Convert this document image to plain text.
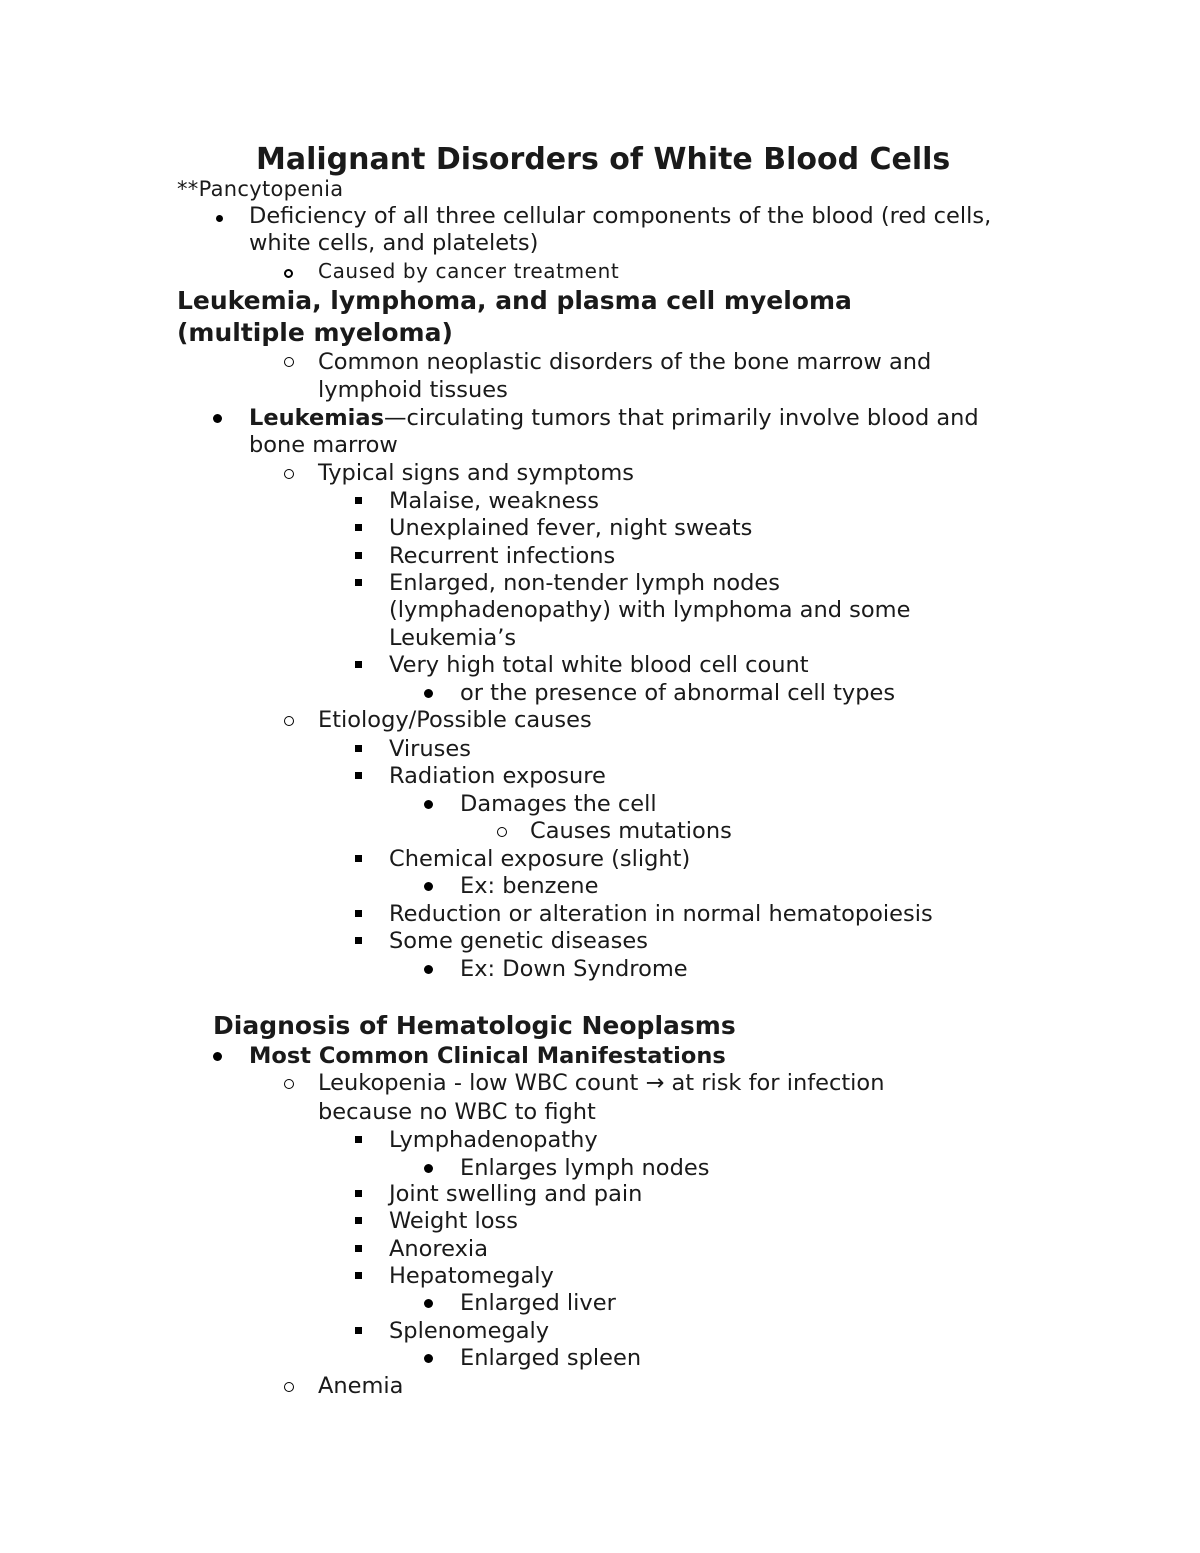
Malignant Disorders of White Blood Cells
**Pancytopenia
Deficiency of all three cellular components of the blood (red cells,
white cells, and platelets)
Caused by cancer treatment
Leukemia, lymphoma, and plasma cell myeloma
(multiple myeloma)
Common neoplastic disorders of the bone marrow and
lymphoid tissues
Leukemias—circulating tumors that primarily involve blood and
bone marrow
Typical signs and symptoms
Malaise, weakness
Unexplained fever, night sweats
Recurrent infections
Enlarged, non-tender lymph nodes
(lymphadenopathy) with lymphoma and some
Leukemia’s
Very high total white blood cell count
or the presence of abnormal cell types
Etiology/Possible causes
Viruses
Radiation exposure
Damages the cell
Causes mutations
Chemical exposure (slight)
Ex: benzene
Reduction or alteration in normal hematopoiesis
Some genetic diseases
Ex: Down Syndrome
Diagnosis of Hematologic Neoplasms
Most Common Clinical Manifestations
Leukopenia - low WBC count → at risk for infection
because no WBC to fight
Lymphadenopathy
Enlarges lymph nodes
Joint swelling and pain
Weight loss
Anorexia
Hepatomegaly
Enlarged liver
Splenomegaly
Enlarged spleen
Anemia
